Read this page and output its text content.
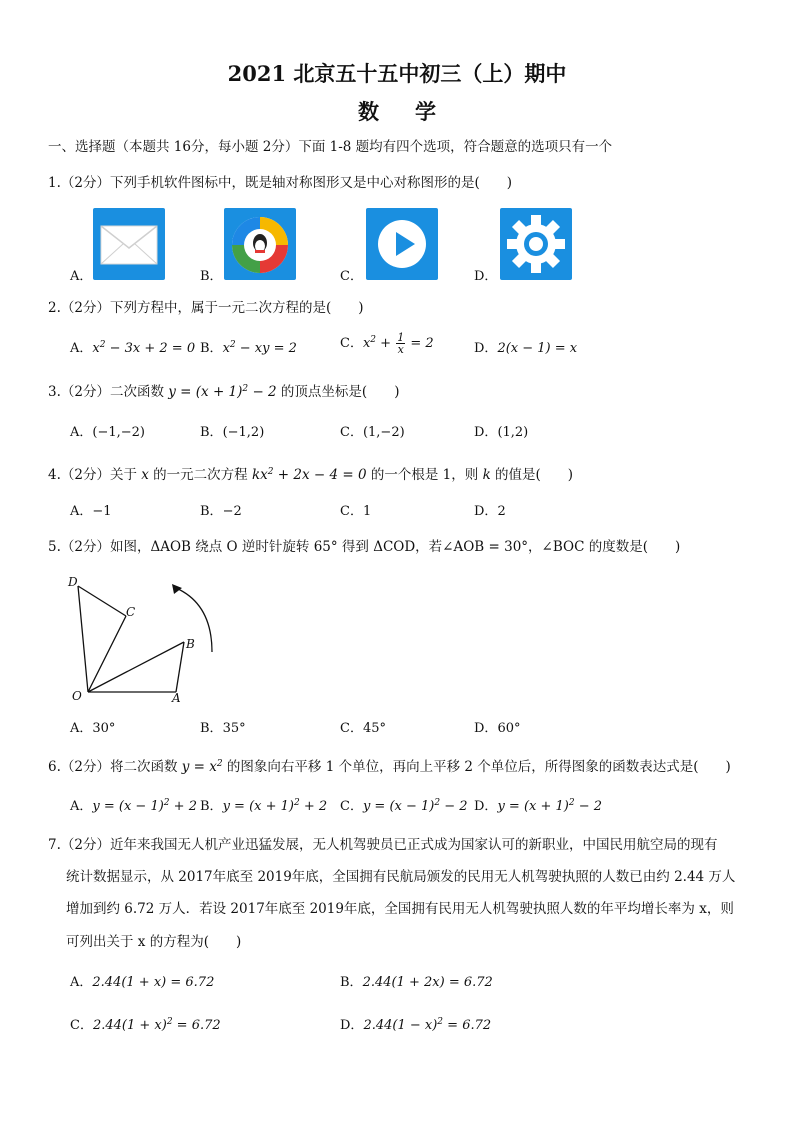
2021 北京五十五中初三（上）期中
数学
一、选择题（本题共 16分，每小题 2分）下面 1-8 题均有四个选项，符合题意的选项只有一个
1.（2分）下列手机软件图标中，既是轴对称图形又是中心对称图形的是(　　)
A．	B．	C．	D．
2.（2分）下列方程中，属于一元二次方程的是(　　)
A．$x^2 - 3x + 2 = 0$ B．$x^2$ − xy = 2	C．$x^2 + \frac{1}{x} = 2$	D．2(x − 1) = x
3.（2分）二次函数 $y = (x + 1)^2 - 2$ 的顶点坐标是(　　)
A．(−1,−2)	B．(−1,2)	C．(1,−2)	D．(1,2)
4.（2分）关于 x 的一元二次方程 $kx^2 + 2x - 4 = 0$ 的一个根是 1，则 k 的值是(　　)
A．−1	B．−2	C．1	D．2
5.（2分）如图，ΔAOB 绕点 O 逆时针旋转 65° 得到 ΔCOD，若∠AOB = 30°，∠BOC 的度数是(　　)
D
C
B
O	A
A．30°	B．35°	C．45°	D．60°
6.（2分）将二次函数 $y = x^2$ 的图象向右平移 1 个单位，再向上平移 2 个单位后，所得图象的函数表达式是(　　)
A．$y = (x - 1)^2 + 2$ B．$y = (x + 1)^2 + 2$ C．$y = (x - 1)^2 - 2$ D．$y = (x + 1)^2 - 2$
7.（2分）近年来我国无人机产业迅猛发展，无人机驾驶员已正式成为国家认可的新职业，中国民用航空局的现有
统计数据显示，从 2017年底至 2019年底，全国拥有民航局颁发的民用无人机驾驶执照的人数已由约 2.44 万人
增加到约 6.72 万人．若设 2017年底至 2019年底，全国拥有民用无人机驾驶执照人数的年平均增长率为 x，则
可列出关于 x 的方程为(　　)
A．2.44(1 + x) = 6.72	B．2.44(1 + 2x) = 6.72
C．$2.44(1 + x)^2 = 6.72$	D．$2.44(1 - x)^2 = 6.72$
